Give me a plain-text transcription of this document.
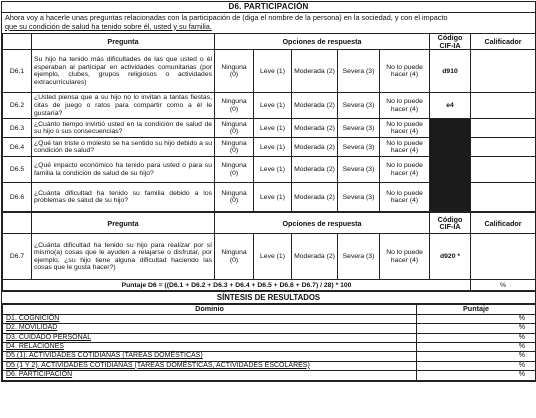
D6. PARTICIPACIÓN
Ahora voy a hacerle unas preguntas relacionadas con la participación de (diga el nombre de la persona) en la sociedad, y con el impacto
que su condición de salud ha tenido sobre él, usted y su familia.
	Pregunta	Opciones de respuesta					Código CIF-IA	Calificador
D6.1	Su hijo ha tenido más dificultades de las que usted o él esperaban al participar en actividades comunitarias (por ejemplo, clubes, grupos religiosos o actividades extracurriculares)	Ninguna (0)	Leve (1)	Moderada (2)	Severa (3)	No lo puede hacer (4)	d910	
D6.2	¿Usted piensa que a su hijo no lo invitan a tantas fiestas, citas de juego o ratos para compartir como a él le gustaría?	Ninguna (0)	Leve (1)	Moderada (2)	Severa (3)	No lo puede hacer (4)	e4	
D6.3	¿Cuánto tiempo invirtió usted en la condición de salud de su hijo o sus consecuencias?	Ninguna (0)	Leve (1)	Moderada (2)	Severa (3)	No lo puede hacer (4)		
D6.4	¿Qué tan triste o molesto se ha sentido su hijo debido a su condición de salud?	Ninguna (0)	Leve (1)	Moderada (2)	Severa (3)	No lo puede hacer (4)		
D6.5	¿Qué impacto económico ha tenido para usted o para su familia la condición de salud de su hijo?	Ninguna (0)	Leve (1)	Moderada (2)	Severa (3)	No lo puede hacer (4)		
D6.6	¿Cuánta dificultad ha tenido su familia debido a los problemas de salud de su hijo?	Ninguna (0)	Leve (1)	Moderada (2)	Severa (3)	No lo puede hacer (4)		
	Pregunta	Opciones de respuesta					Código CIF-IA	Calificador
D6.7	¿Cuánta dificultad ha tenido su hijo para realizar por sí mismo(a) cosas que le ayuden a relajarse o disfrutar, por ejemplo, ¿su hijo tiene alguna dificultad haciendo las cosas que le gusta hacer?)	Ninguna (0)	Leve (1)	Moderada (2)	Severa (3)	No lo puede hacer (4)	d920 *	
Puntaje D6 = ((D6.1 + D6.2 + D6.3 + D6.4 + D6.5 + D6.6 + D6.7) / 28) * 100								%
SÍNTESIS DE RESULTADOS
Dominio	Puntaje
D1. COGNICIÓN	%
D2. MOVILIDAD	%
D3. CUIDADO PERSONAL	%
D4. RELACIONES	%
D5 (1). ACTIVIDADES COTIDIANAS (TAREAS DOMÉSTICAS)	%
D5 (1 Y 2). ACTIVIDADES COTIDIANAS (TAREAS DOMÉSTICAS, ACTIVIDADES ESCOLARES)	%
D6. PARTICIPACIÓN	%
